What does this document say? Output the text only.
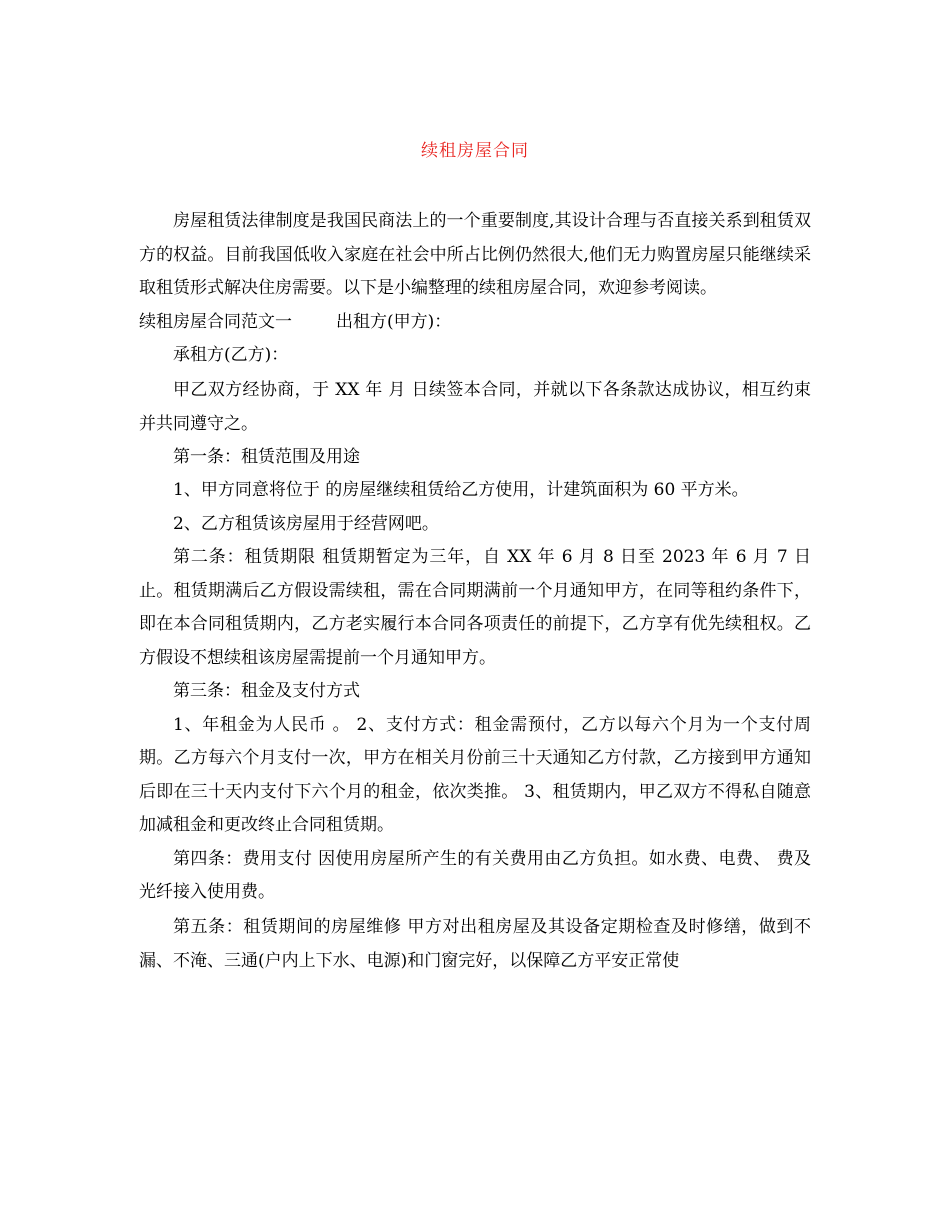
续租房屋合同

房屋租赁法律制度是我国民商法上的一个重要制度,其设计合理与否直接关系到租赁双方的权益。目前我国低收入家庭在社会中所占比例仍然很大,他们无力购置房屋只能继续采取租赁形式解决住房需要。以下是小编整理的续租房屋合同，欢迎参考阅读。

续租房屋合同范文一	出租方(甲方)：

承租方(乙方)：

甲乙双方经协商，于 XX 年 月 日续签本合同，并就以下各条款达成协议，相互约束并共同遵守之。

第一条：租赁范围及用途

1、甲方同意将位于 的房屋继续租赁给乙方使用，计建筑面积为 60 平方米。

2、乙方租赁该房屋用于经营网吧。

第二条：租赁期限 租赁期暂定为三年，自 XX 年 6 月 8 日至 2023 年 6 月 7 日止。租赁期满后乙方假设需续租，需在合同期满前一个月通知甲方，在同等租约条件下，即在本合同租赁期内，乙方老实履行本合同各项责任的前提下，乙方享有优先续租权。乙方假设不想续租该房屋需提前一个月通知甲方。

第三条：租金及支付方式

1、年租金为人民币 。 2、支付方式：租金需预付，乙方以每六个月为一个支付周期。乙方每六个月支付一次，甲方在相关月份前三十天通知乙方付款，乙方接到甲方通知后即在三十天内支付下六个月的租金，依次类推。 3、租赁期内，甲乙双方不得私自随意加减租金和更改终止合同租赁期。

第四条：费用支付 因使用房屋所产生的有关费用由乙方负担。如水费、电费、 费及光纤接入使用费。

第五条：租赁期间的房屋维修 甲方对出租房屋及其设备定期检查及时修缮，做到不漏、不淹、三通(户内上下水、电源)和门窗完好，以保障乙方平安正常使
